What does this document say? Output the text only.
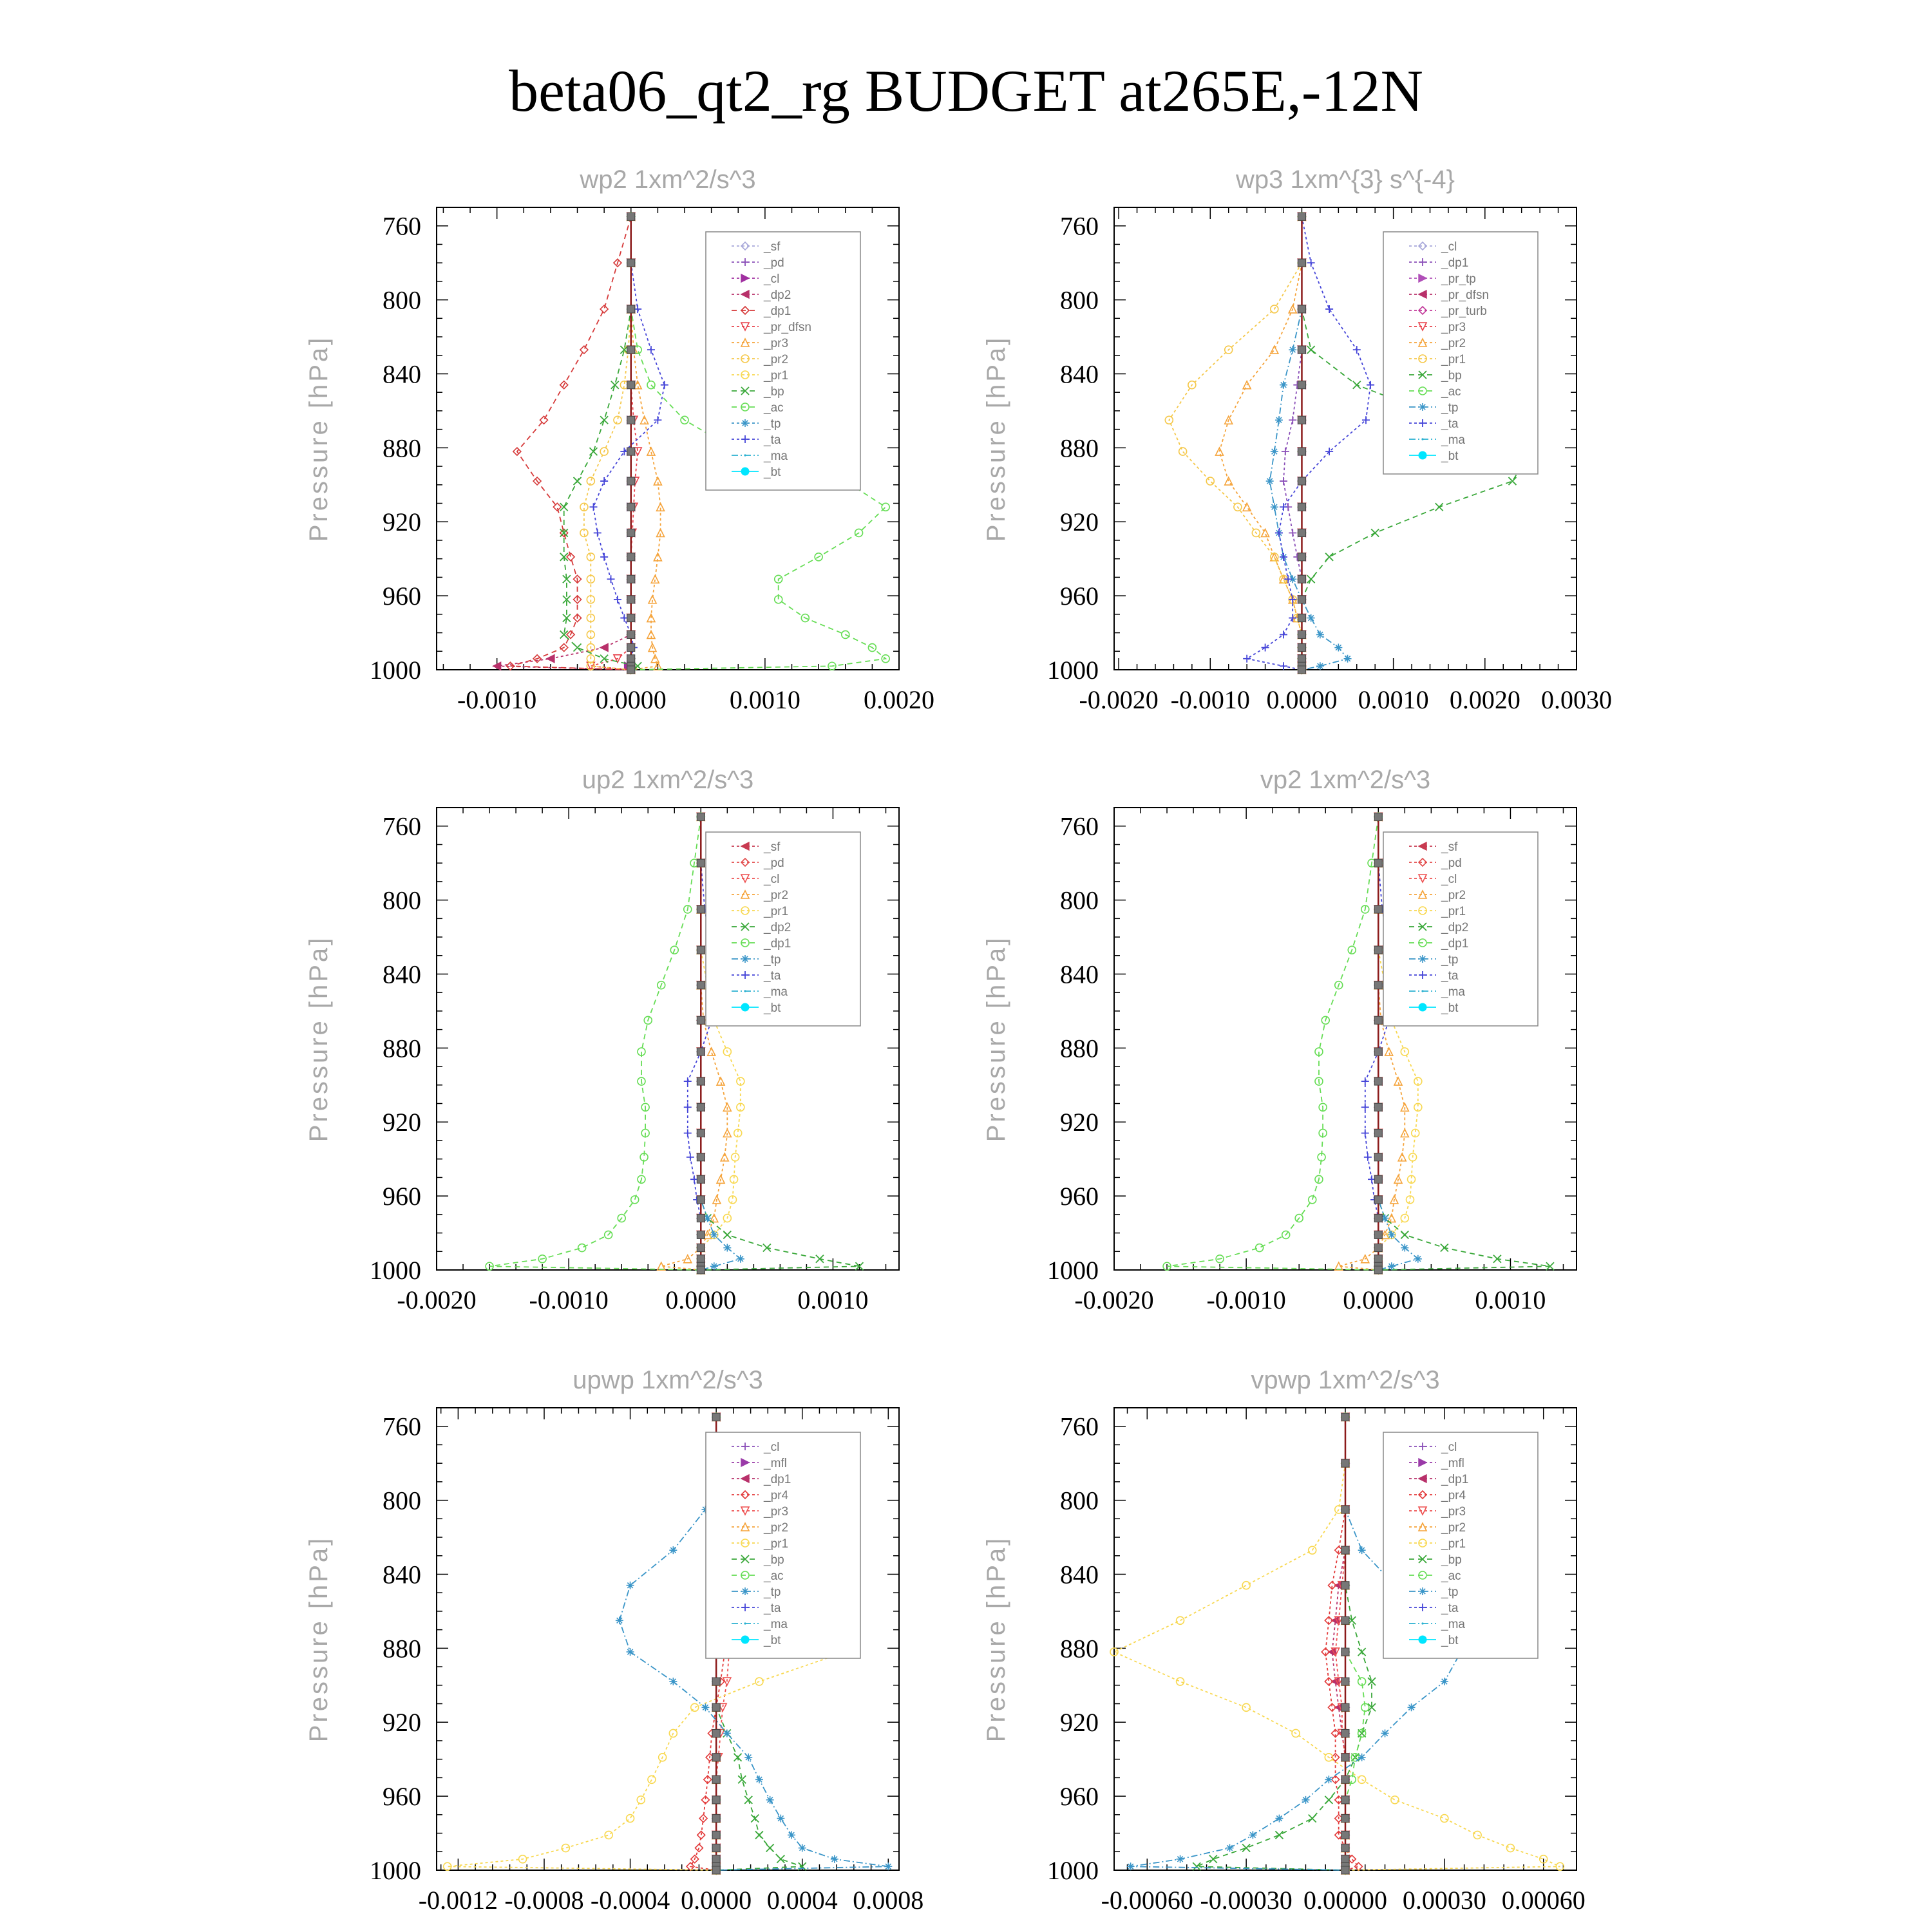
beta06_qt2_rg BUDGET at265E,-12N
wp2 1xm^2/s^3
Pressure [hPa]
760
800
840
880
920
960
1000
-0.0010 0.0000 0.0010 0.0020
_sf
_pd
_cl
_dp2
_dp1
_pr_dfsn
_pr3
_pr2
_pr1
_bp
_ac
_tp
_ta
_ma
_bt
wp3 1xm^{3} s^{-4}
Pressure [hPa]
760
800
840
880
920
960
1000
-0.0020 -0.0010 0.0000 0.0010 0.0020 0.0030
_cl
_dp1
_pr_tp
_pr_dfsn
_pr_turb
_pr3
_pr2
_pr1
_bp
_ac
_tp
_ta
_ma
_bt
up2 1xm^2/s^3
Pressure [hPa]
760
800
840
880
920
960
1000
-0.0020 -0.0010 0.0000 0.0010
_sf
_pd
_cl
_pr2
_pr1
_dp2
_dp1
_tp
_ta
_ma
_bt
vp2 1xm^2/s^3
Pressure [hPa]
760
800
840
880
920
960
1000
-0.0020 -0.0010 0.0000 0.0010
_sf
_pd
_cl
_pr2
_pr1
_dp2
_dp1
_tp
_ta
_ma
_bt
upwp 1xm^2/s^3
Pressure [hPa]
760
800
840
880
920
960
1000
-0.0012 -0.0008 -0.0004 0.0000 0.0004 0.0008
_cl
_mfl
_dp1
_pr4
_pr3
_pr2
_pr1
_bp
_ac
_tp
_ta
_ma
_bt
vpwp 1xm^2/s^3
Pressure [hPa]
760
800
840
880
920
960
1000
-0.00060 -0.00030 0.00000 0.00030 0.00060
_cl
_mfl
_dp1
_pr4
_pr3
_pr2
_pr1
_bp
_ac
_tp
_ta
_ma
_bt
